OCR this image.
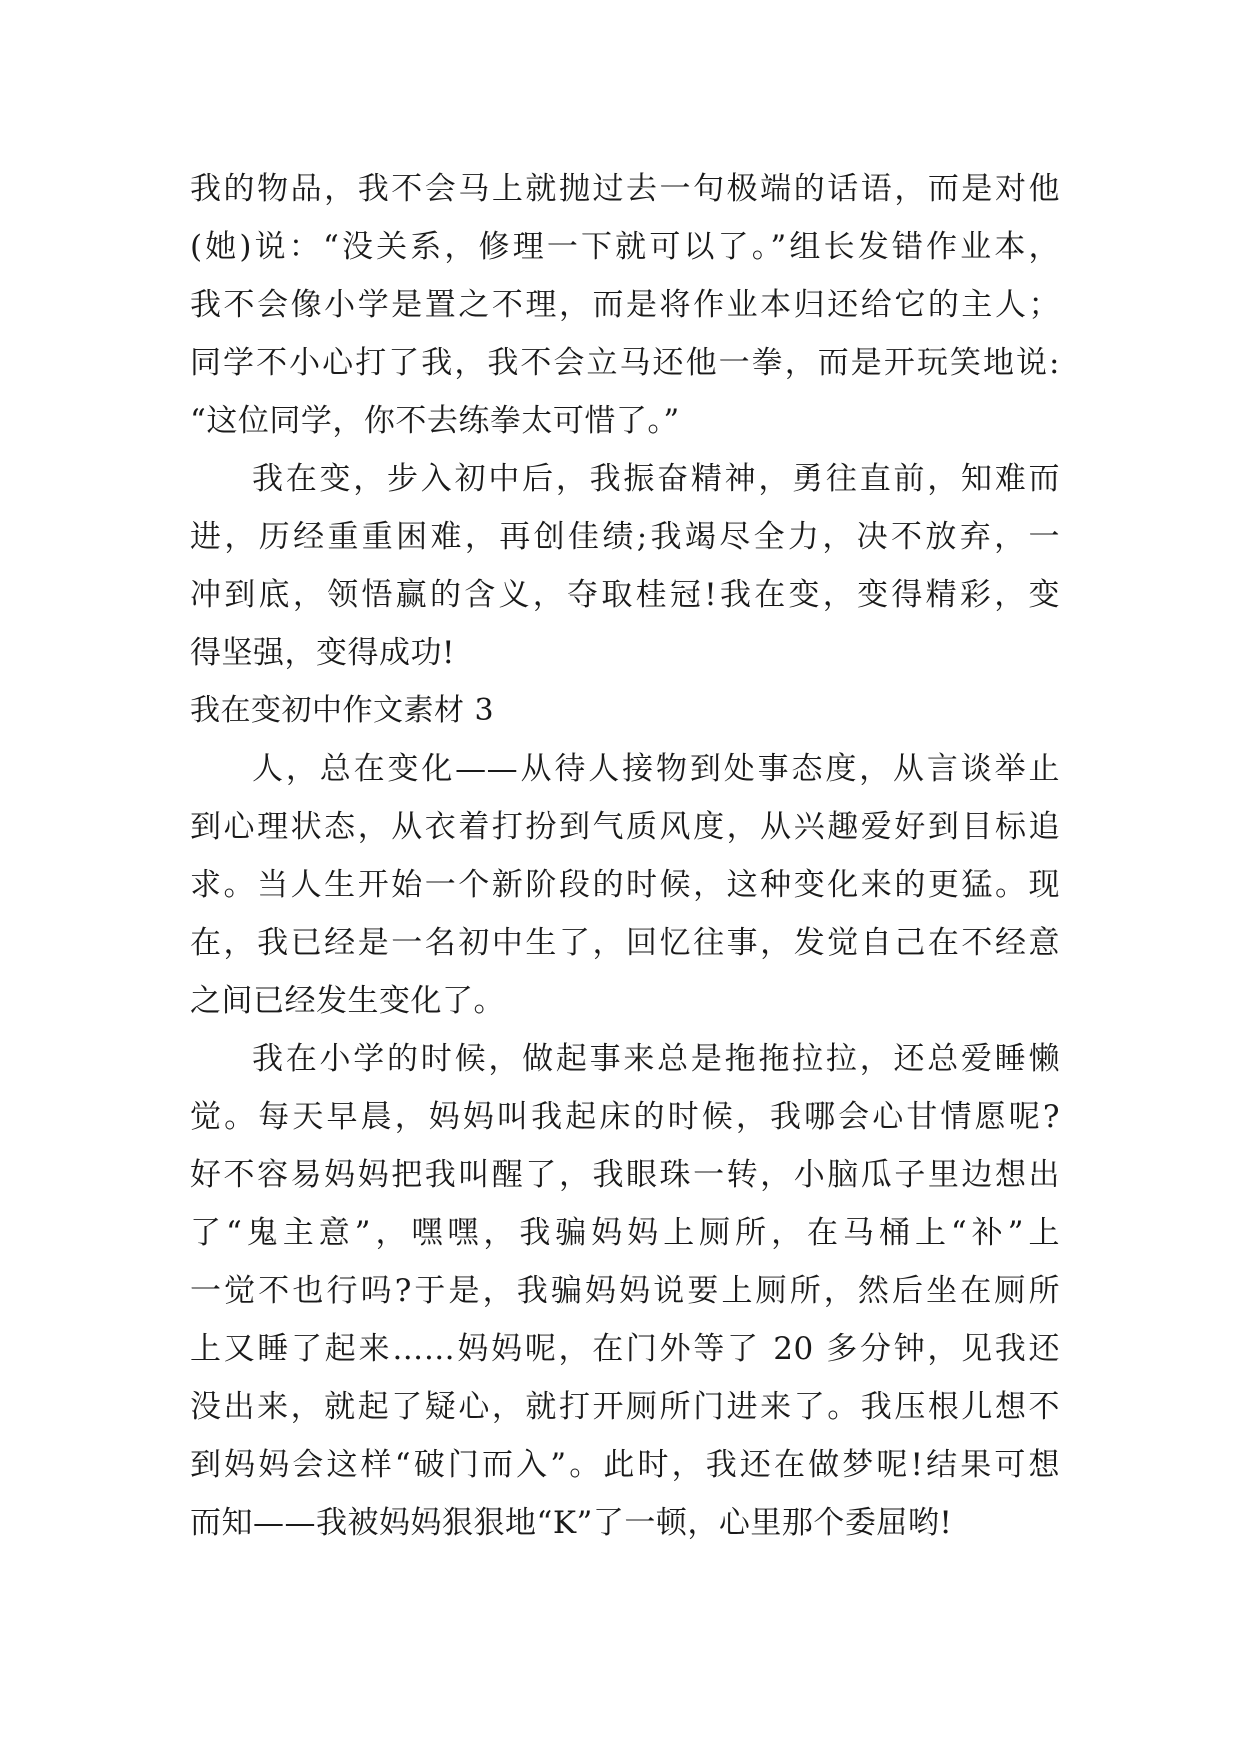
我的物品，我不会马上就抛过去一句极端的话语，而是对他
(她)说：“没关系，修理一下就可以了。”组长发错作业本，
我不会像小学是置之不理，而是将作业本归还给它的主人；
同学不小心打了我，我不会立马还他一拳，而是开玩笑地说:
“这位同学，你不去练拳太可惜了。”
我在变，步入初中后，我振奋精神，勇往直前，知难而
进，历经重重困难，再创佳绩;我竭尽全力，决不放弃，一
冲到底，领悟赢的含义，夺取桂冠!我在变，变得精彩，变
得坚强，变得成功!
我在变初中作文素材 3
人，总在变化——从待人接物到处事态度，从言谈举止
到心理状态，从衣着打扮到气质风度，从兴趣爱好到目标追
求。当人生开始一个新阶段的时候，这种变化来的更猛。现
在，我已经是一名初中生了，回忆往事，发觉自己在不经意
之间已经发生变化了。
我在小学的时候，做起事来总是拖拖拉拉，还总爱睡懒
觉。每天早晨，妈妈叫我起床的时候，我哪会心甘情愿呢?
好不容易妈妈把我叫醒了，我眼珠一转，小脑瓜子里边想出
了“鬼主意”，嘿嘿，我骗妈妈上厕所，在马桶上“补”上
一觉不也行吗?于是，我骗妈妈说要上厕所，然后坐在厕所
上又睡了起来……妈妈呢，在门外等了 20 多分钟，见我还
没出来，就起了疑心，就打开厕所门进来了。我压根儿想不
到妈妈会这样“破门而入”。此时，我还在做梦呢!结果可想
而知——我被妈妈狠狠地“K”了一顿，心里那个委屈哟!
